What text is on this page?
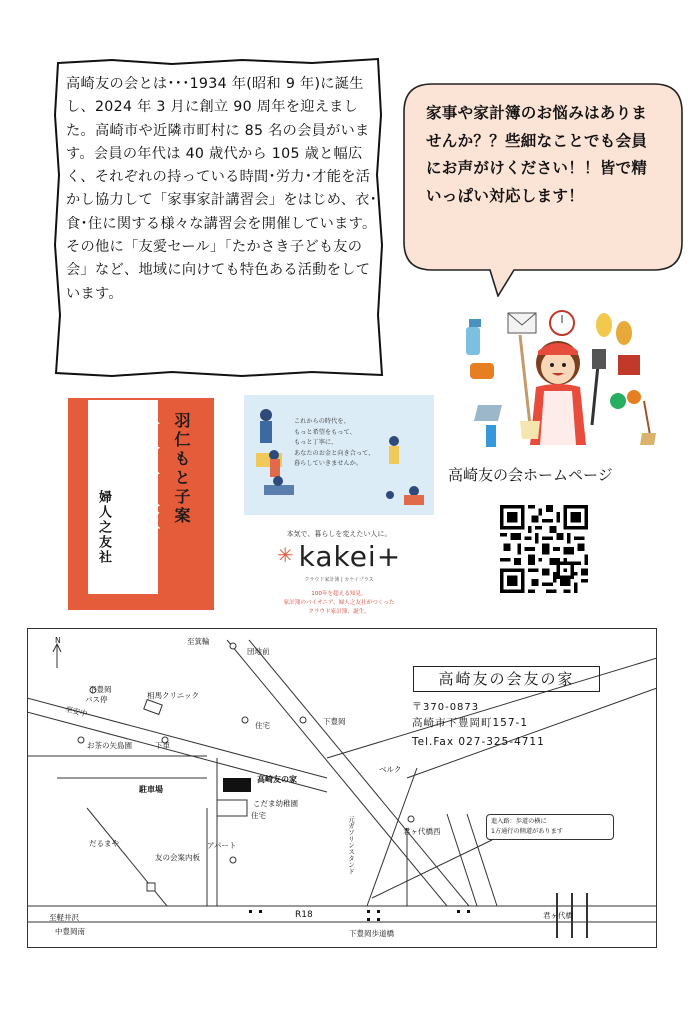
高崎友の会とは･･･1934 年(昭和 9 年)に誕生し、2024 年 3 月に創立 90 周年を迎えました。高崎市や近隣市町村に 85 名の会員がいます。会員の年代は 40 歳代から 105 歳と幅広く、それぞれの持っている時間･労力･才能を活かし協力して「家事家計講習会」をはじめ、衣･食･住に関する様々な講習会を開催しています。その他に「友愛セール」「たかさき子ども友の会」など、地域に向けても特色ある活動をしています。
家事や家計簿のお悩みはありませんか？？些細なことでも会員にお声がけください！！皆で精いっぱい対応します！
高崎友の会ホームページ
婦人之友社 家計簿 羽仁もと子案
2025
これからの時代を、
もっと希望をもって、
もっと丁寧に、
あなたのお金と向き合って、
暮らしていきませんか。
本気で、暮らしを変えたい人に。
✳ kakei+
クラウド家計簿 | カケイプラス
100年を超える知見。
家計簿のパイオニア、婦人之友社がつくった
クラウド家計簿、誕生。
N	至箕輪
団地前
下豊岡
バス停	相馬クリニック
至安中
住宅	下豊岡
お茶の矢島園	下車
ベルク
駐車場
高崎友の家
こだま幼稚園
住宅
元ガソリンスタンド	君ヶ代橋西
だるまや	アパート
友の会案内板
至軽井沢
中豊岡南
R18	君ヶ代橋
下豊岡歩道橋
高崎友の会友の家
〒370-0873
高崎市下豊岡町157-1
Tel.Fax 027-325-4711
進入路：歩道の横に
1方通行の側道があります
